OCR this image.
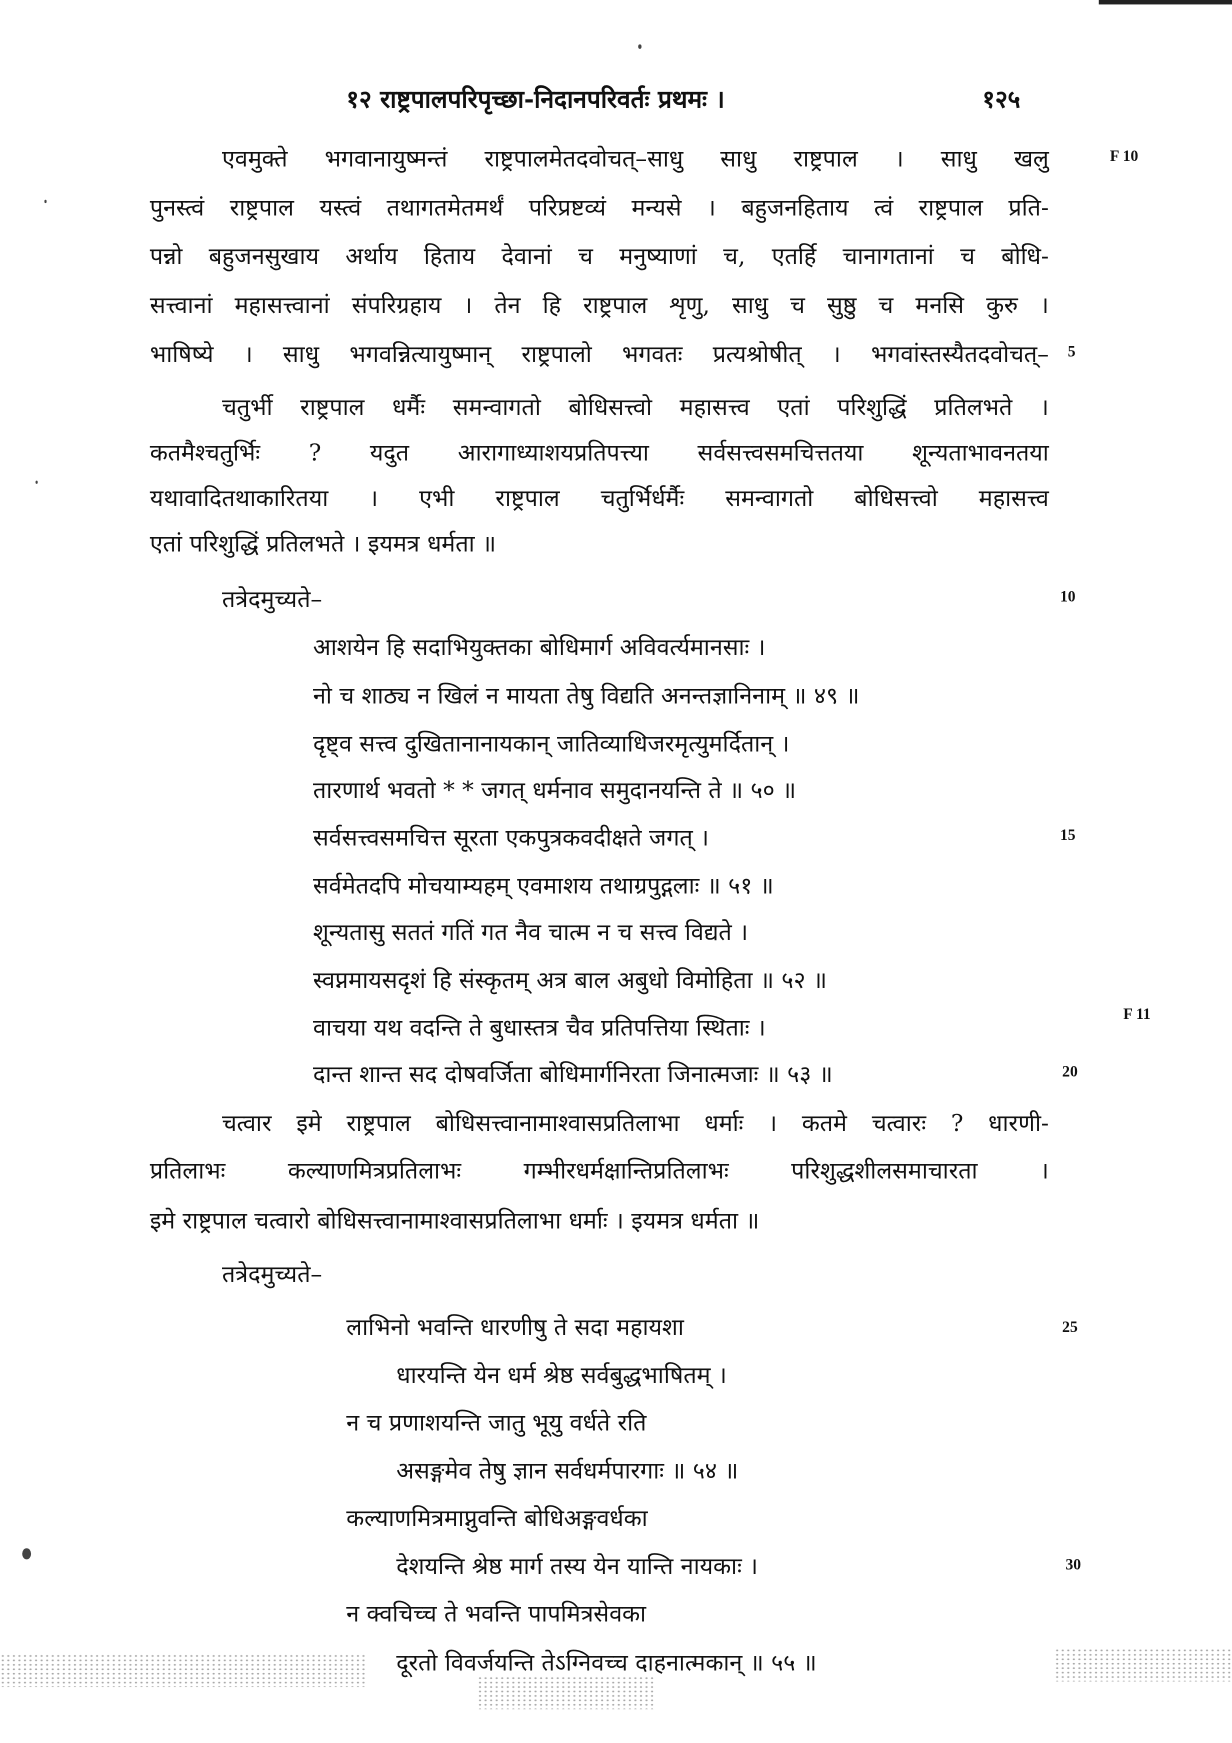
१२ राष्ट्रपालपरिपृच्छा-निदानपरिवर्तः प्रथमः ।	१२५
एवमुक्ते भगवानायुष्मन्तं राष्ट्रपालमेतदवोचत्–साधु साधु राष्ट्रपाल । साधु खलु
पुनस्त्वं राष्ट्रपाल यस्त्वं तथागतमेतमर्थं परिप्रष्टव्यं मन्यसे । बहुजनहिताय त्वं राष्ट्रपाल प्रति-
पन्नो बहुजनसुखाय अर्थाय हिताय देवानां च मनुष्याणां च, एतर्हि चानागतानां च बोधि-
सत्त्वानां महासत्त्वानां संपरिग्रहाय । तेन हि राष्ट्रपाल शृणु, साधु च सुष्ठु च मनसि कुरु ।
भाषिष्ये । साधु भगवन्नित्यायुष्मान् राष्ट्रपालो भगवतः प्रत्यश्रोषीत् । भगवांस्तस्यैतदवोचत्–
चतुर्भी राष्ट्रपाल धर्मैः समन्वागतो बोधिसत्त्वो महासत्त्व एतां परिशुद्धिं प्रतिलभते ।
कतमैश्चतुर्भिः ? यदुत आरागाध्याशयप्रतिपत्त्या सर्वसत्त्वसमचित्ततया शून्यताभावनतया
यथावादितथाकारितया । एभी राष्ट्रपाल चतुर्भिर्धर्मैः समन्वागतो बोधिसत्त्वो महासत्त्व
एतां परिशुद्धिं प्रतिलभते । इयमत्र धर्मता ॥
तत्रेदमुच्यते–
आशयेन हि सदाभियुक्तका बोधिमार्ग अविवर्त्यमानसाः ।
नो च शाठ्य न खिलं न मायता तेषु विद्यति अनन्तज्ञानिनाम् ॥ ४९ ॥
दृष्ट्व सत्त्व दुखितानानायकान् जातिव्याधिजरमृत्युमर्दितान् ।
तारणार्थ भवतो * * जगत् धर्मनाव समुदानयन्ति ते ॥ ५० ॥
सर्वसत्त्वसमचित्त सूरता एकपुत्रकवदीक्षते जगत् ।
सर्वमेतदपि मोचयाम्यहम् एवमाशय तथाग्रपुद्गलाः ॥ ५१ ॥
शून्यतासु सततं गतिं गत नैव चात्म न च सत्त्व विद्यते ।
स्वप्नमायसदृशं हि संस्कृतम् अत्र बाल अबुधो विमोहिता ॥ ५२ ॥
वाचया यथ वदन्ति ते बुधास्तत्र चैव प्रतिपत्तिया स्थिताः ।
दान्त शान्त सद दोषवर्जिता बोधिमार्गनिरता जिनात्मजाः ॥ ५३ ॥
चत्वार इमे राष्ट्रपाल बोधिसत्त्वानामाश्वासप्रतिलाभा धर्माः । कतमे चत्वारः ? धारणी-
प्रतिलाभः कल्याणमित्रप्रतिलाभः गम्भीरधर्मक्षान्तिप्रतिलाभः परिशुद्धशीलसमाचारता ।
इमे राष्ट्रपाल चत्वारो बोधिसत्त्वानामाश्वासप्रतिलाभा धर्माः । इयमत्र धर्मता ॥
तत्रेदमुच्यते–
लाभिनो भवन्ति धारणीषु ते सदा महायशा
धारयन्ति येन धर्म श्रेष्ठ सर्वबुद्धभाषितम् ।
न च प्रणाशयन्ति जातु भूयु वर्धते रति
असङ्गमेव तेषु ज्ञान सर्वधर्मपारगाः ॥ ५४ ॥
कल्याणमित्रमाप्नुवन्ति बोधिअङ्गवर्धका
देशयन्ति श्रेष्ठ मार्ग तस्य येन यान्ति नायकाः ।
न क्वचिच्च ते भवन्ति पापमित्रसेवका
दूरतो विवर्जयन्ति तेऽग्निवच्च दाहनात्मकान् ॥ ५५ ॥
5
10
15
20
25
30
F 10
F 11
